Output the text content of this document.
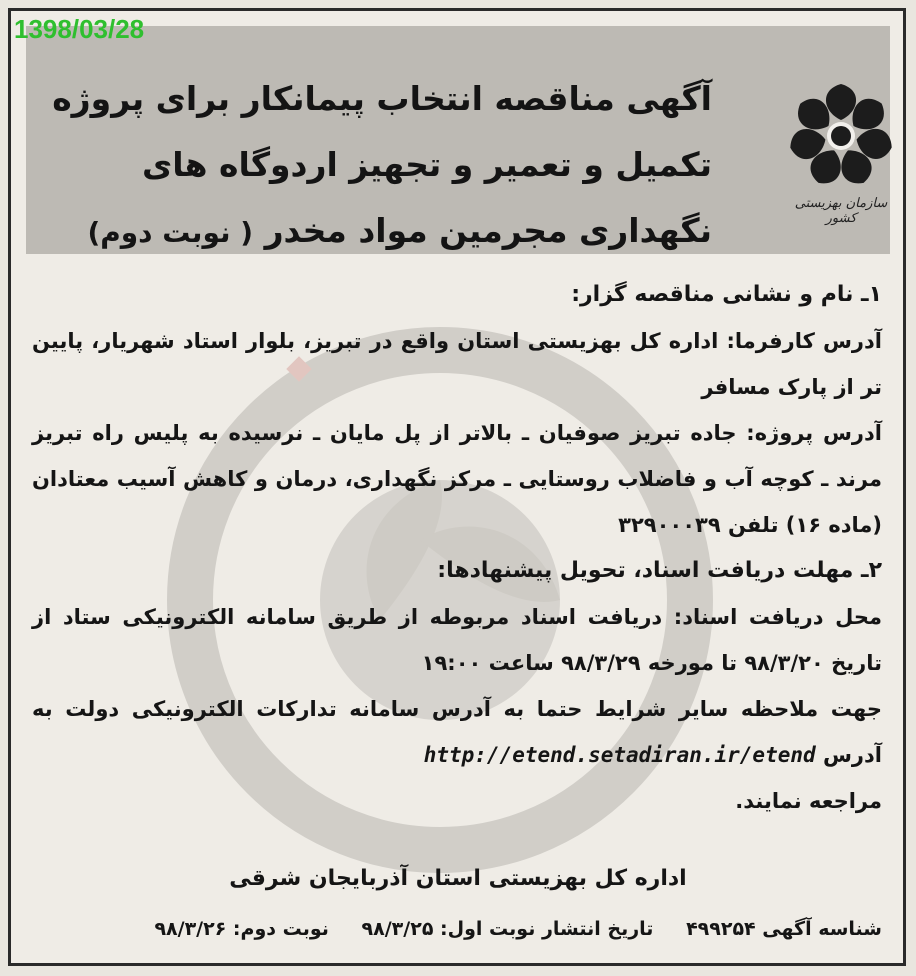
1398/03/28
آگهی مناقصه انتخاب پیمانکار برای پروژه
تکمیل و تعمیر و تجهیز اردوگاه های
نگهداری مجرمین مواد مخدر ( نوبت دوم)
سازمان بهزیستی کشور

۱ـ نام و نشانی مناقصه گزار:

آدرس کارفرما: اداره کل بهزیستی استان واقع در تبریز، بلوار استاد شهریار، پایین تر از پارک مسافر

آدرس پروژه: جاده تبریز صوفیان ـ بالاتر از پل مایان ـ نرسیده به پلیس راه تبریز مرند ـ کوچه آب و فاضلاب روستایی ـ مرکز نگهداری، درمان و کاهش آسیب معتادان (ماده ۱۶) تلفن ۳۲۹۰۰۰۳۹

۲ـ مهلت دریافت اسناد، تحویل پیشنهادها:

محل دریافت اسناد: دریافت اسناد مربوطه از طریق سامانه الکترونیکی ستاد از تاریخ ۹۸/۳/۲۰ تا مورخه ۹۸/۳/۲۹ ساعت ۱۹:۰۰

جهت ملاحظه سایر شرایط حتما به آدرس سامانه تدارکات الکترونیکی دولت به آدرس http://etend.setadiran.ir/etend

مراجعه نمایند.

اداره کل بهزیستی استان آذربایجان شرقی
شناسه آگهی ۴۹۹۲۵۴ تاریخ انتشار نوبت اول: ۹۸/۳/۲۵ نوبت دوم: ۹۸/۳/۲۶
